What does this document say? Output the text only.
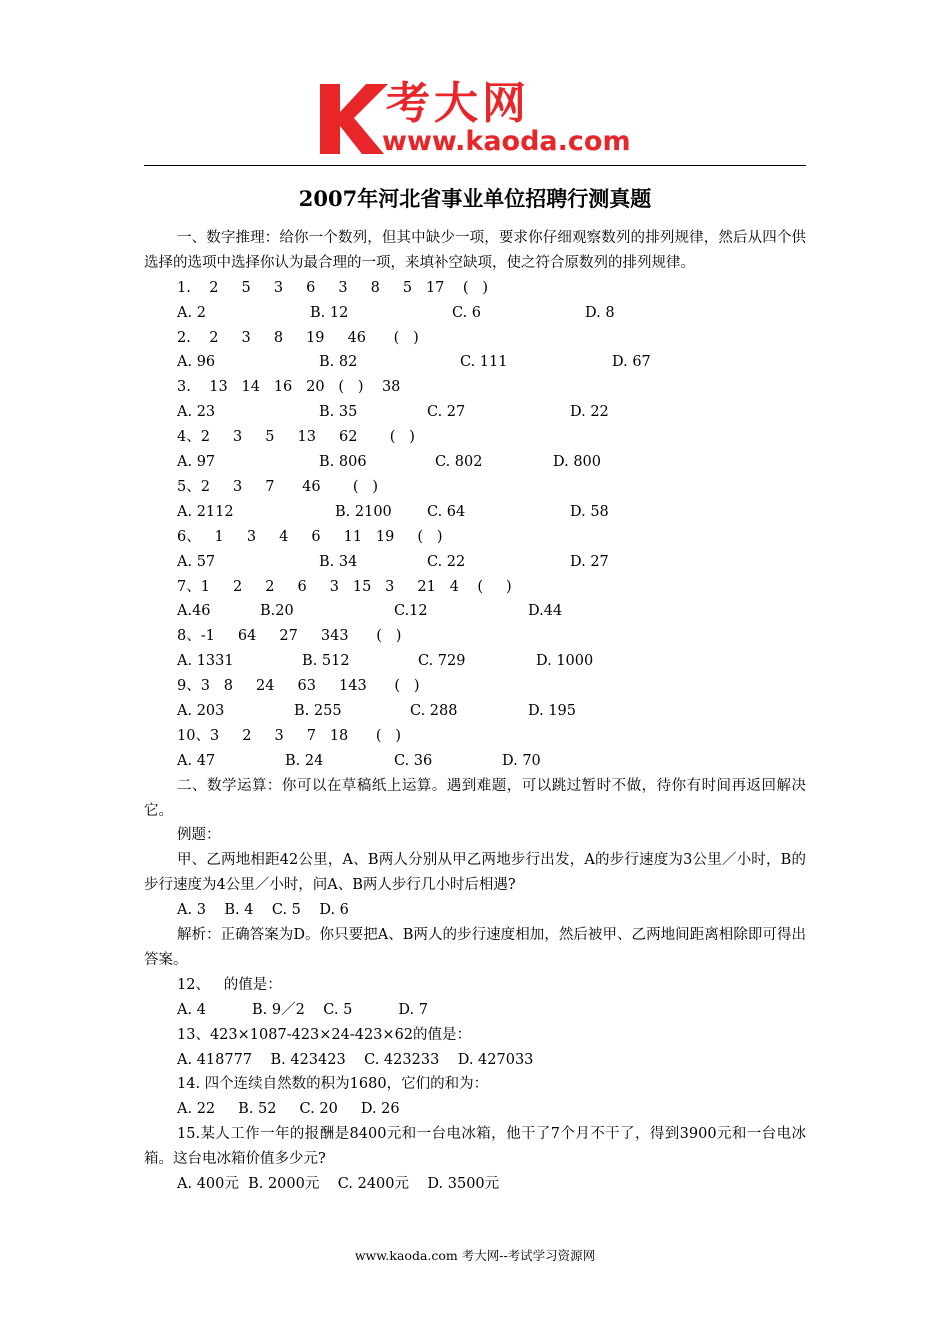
考大网
www.kaoda.com
2007年河北省事业单位招聘行测真题

一、数字推理：给你一个数列，但其中缺少一项，要求你仔细观察数列的排列规律，然后从四个供选择的选项中选择你认为最合理的一项，来填补空缺项，使之符合原数列的排列规律。

1.    2     5     3     6     3     8     5   17    (   )
A. 2	B. 12	C. 6	D. 8
2.    2     3     8     19     46      (   )
A. 96	B. 82	C. 111	D. 67
3.    13   14   16   20   (   )    38
A. 23	B. 35	C. 27	D. 22
4、2     3     5     13     62       (   )
A. 97	B. 806	C. 802	D. 800
5、2     3     7      46       (   )
A. 2112	B. 2100 C. 64	D. 58
6、   1     3     4     6     11   19     (   )
A. 57	B. 34	C. 22	D. 27
7、1     2     2     6     3   15   3     21   4    (     )
A.46	B.20	C.12	D.44
8、-1     64     27     343      (   )
A. 1331	B. 512	C. 729	D. 1000
9、3   8     24     63     143      (   )
A. 203	B. 255	C. 288	D. 195
10、3     2     3     7   18      (   )
A. 47	B. 24	C. 36	D. 70

二、数学运算：你可以在草稿纸上运算。遇到难题，可以跳过暂时不做，待你有时间再返回解决它。

例题：

甲、乙两地相距42公里，A、B两人分别从甲乙两地步行出发，A的步行速度为3公里／小时，B的步行速度为4公里／小时，问A、B两人步行几小时后相遇?

A. 3    B. 4    C. 5    D. 6

解析：正确答案为D。你只要把A、B两人的步行速度相加，然后被甲、乙两地间距离相除即可得出答案。

12、   的值是：
A. 4          B. 9／2    C. 5          D. 7
13、423×1087-423×24-423×62的值是：
A. 418777    B. 423423    C. 423233    D. 427033
14. 四个连续自然数的积为1680，它们的和为：
A. 22     B. 52     C. 20     D. 26

15.某人工作一年的报酬是8400元和一台电冰箱，他干了7个月不干了，得到3900元和一台电冰箱。这台电冰箱价值多少元?

A. 400元  B. 2000元    C. 2400元    D. 3500元
www.kaoda.com 考大网--考试学习资源网
